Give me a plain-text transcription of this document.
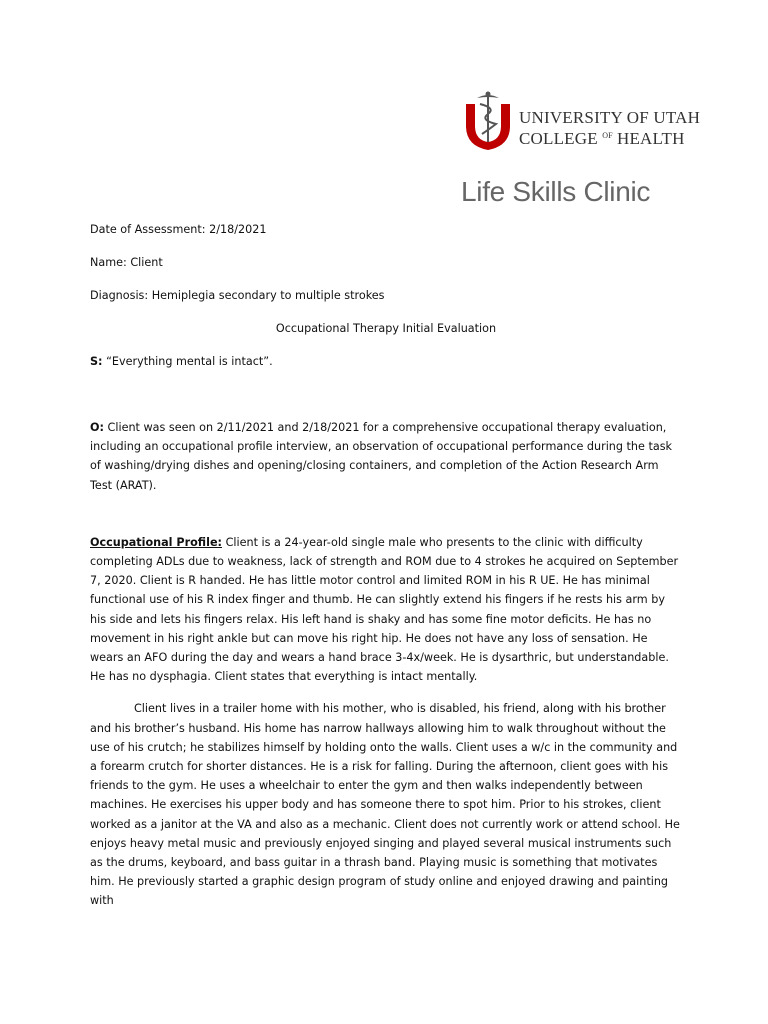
UNIVERSITY OF UTAH
COLLEGE $^{OF}$ HEALTH
Life Skills Clinic

Date of Assessment: 2/18/2021

Name: Client

Diagnosis: Hemiplegia secondary to multiple strokes

Occupational Therapy Initial Evaluation

S: “Everything mental is intact”.

O: Client was seen on 2/11/2021 and 2/18/2021 for a comprehensive occupational therapy evaluation, including an occupational profile interview, an observation of occupational performance during the task of washing/drying dishes and opening/closing containers, and completion of the Action Research Arm Test (ARAT).

Occupational Profile: Client is a 24-year-old single male who presents to the clinic with difficulty completing ADLs due to weakness, lack of strength and ROM due to 4 strokes he acquired on September 7, 2020. Client is R handed. He has little motor control and limited ROM in his R UE. He has minimal functional use of his R index finger and thumb. He can slightly extend his fingers if he rests his arm by his side and lets his fingers relax. His left hand is shaky and has some fine motor deficits. He has no movement in his right ankle but can move his right hip. He does not have any loss of sensation. He wears an AFO during the day and wears a hand brace 3-4x/week. He is dysarthric, but understandable. He has no dysphagia. Client states that everything is intact mentally.

Client lives in a trailer home with his mother, who is disabled, his friend, along with his brother and his brother’s husband. His home has narrow hallways allowing him to walk throughout without the use of his crutch; he stabilizes himself by holding onto the walls. Client uses a w/c in the community and a forearm crutch for shorter distances. He is a risk for falling. During the afternoon, client goes with his friends to the gym. He uses a wheelchair to enter the gym and then walks independently between machines. He exercises his upper body and has someone there to spot him. Prior to his strokes, client worked as a janitor at the VA and also as a mechanic. Client does not currently work or attend school. He enjoys heavy metal music and previously enjoyed singing and played several musical instruments such as the drums, keyboard, and bass guitar in a thrash band. Playing music is something that motivates him. He previously started a graphic design program of study online and enjoyed drawing and painting with
